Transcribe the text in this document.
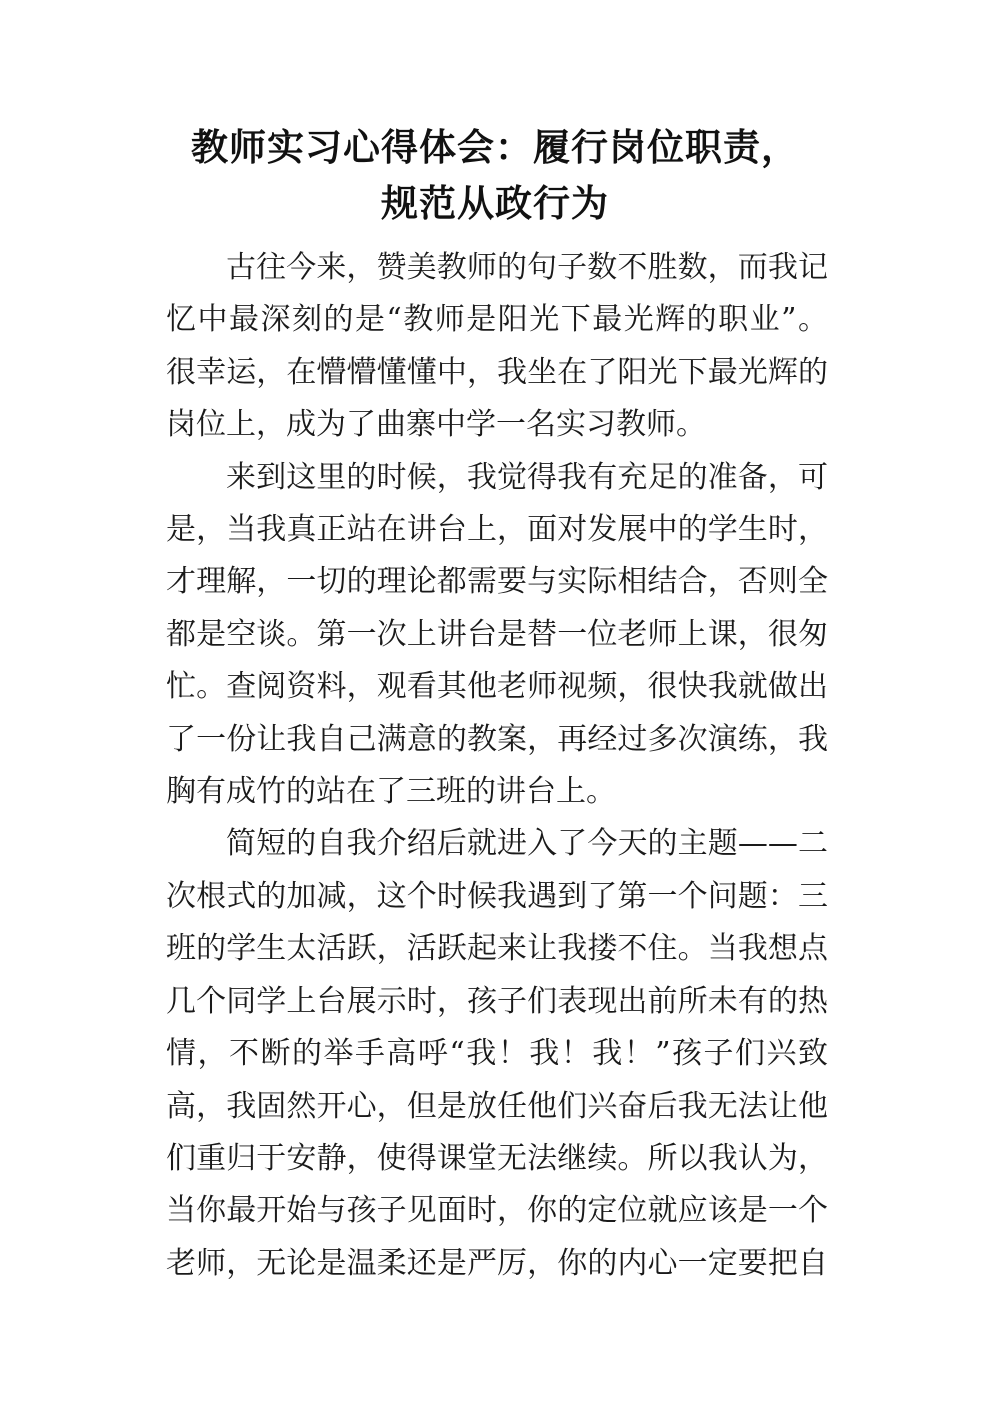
教师实习心得体会：履行岗位职责，
规范从政行为

古往今来，赞美教师的句子数不胜数，而我记
忆中最深刻的是“教师是阳光下最光辉的职业”。
很幸运，在懵懵懂懂中，我坐在了阳光下最光辉的
岗位上，成为了曲寨中学一名实习教师。

来到这里的时候，我觉得我有充足的准备，可
是，当我真正站在讲台上，面对发展中的学生时，
才理解，一切的理论都需要与实际相结合，否则全
都是空谈。第一次上讲台是替一位老师上课，很匆
忙。查阅资料，观看其他老师视频，很快我就做出
了一份让我自己满意的教案，再经过多次演练，我
胸有成竹的站在了三班的讲台上。

简短的自我介绍后就进入了今天的主题——二
次根式的加减，这个时候我遇到了第一个问题：三
班的学生太活跃，活跃起来让我搂不住。当我想点
几个同学上台展示时，孩子们表现出前所未有的热
情，不断的举手高呼“我！我！我！”孩子们兴致
高，我固然开心，但是放任他们兴奋后我无法让他
们重归于安静，使得课堂无法继续。所以我认为，
当你最开始与孩子见面时，你的定位就应该是一个
老师，无论是温柔还是严厉，你的内心一定要把自
